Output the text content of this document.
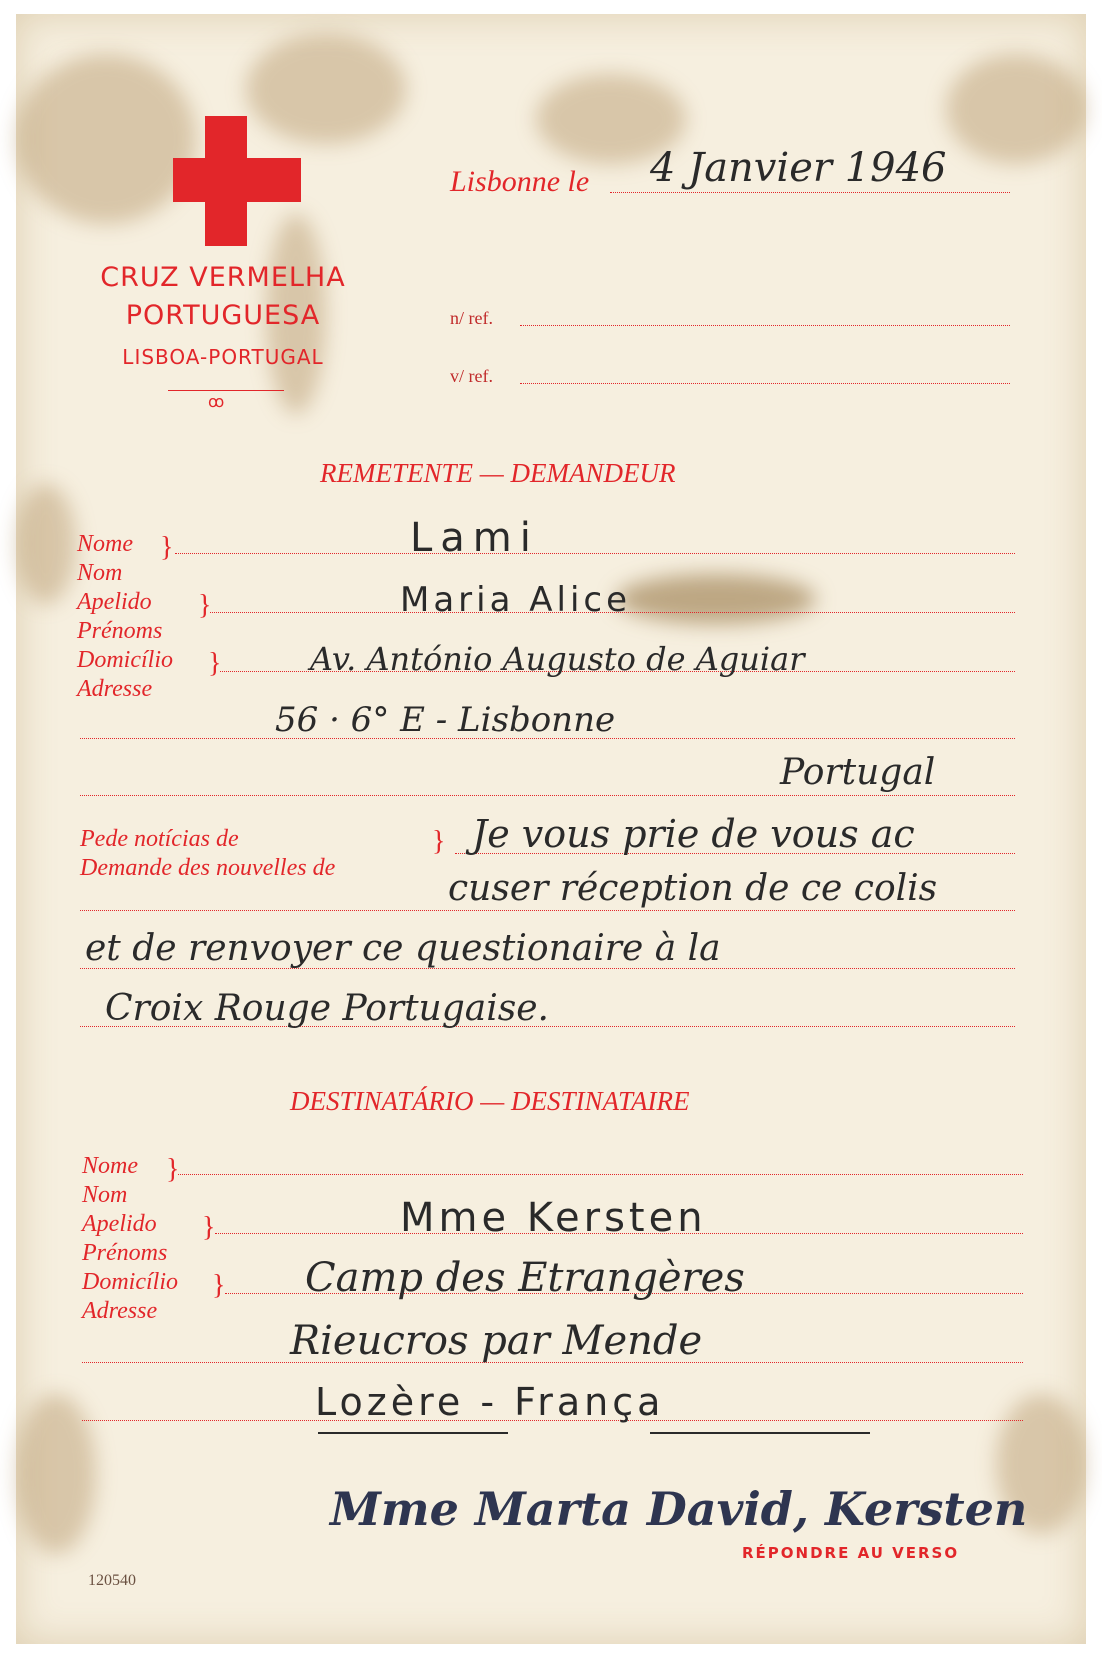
CRUZ VERMELHA
PORTUGUESA
LISBOA-PORTUGAL
ꝏ
Lisbonne le 4 Janvier 1946
n/ ref.
v/ ref.
REMETENTE — DEMANDEUR
Nome
Nom
Apelido
Prénoms
Domicílio
Adresse
}
}
}
Lami
Maria Alice
Av. António Augusto de Aguiar
56 · 6° E - Lisbonne
Portugal
Pede notícias de
Demande des nouvelles de
} Je vous prie de vous ac
cuser réception de ce colis
et de renvoyer ce questionaire à la
Croix Rouge Portugaise.
DESTINATÁRIO — DESTINATAIRE
Nome
Nom
Apelido
Prénoms
Domicílio
Adresse
}
}
}
Mme Kersten
Camp des Etrangères
Rieucros par Mende
Lozère - França
Mme Marta David, Kersten
RÉPONDRE AU VERSO
120540
